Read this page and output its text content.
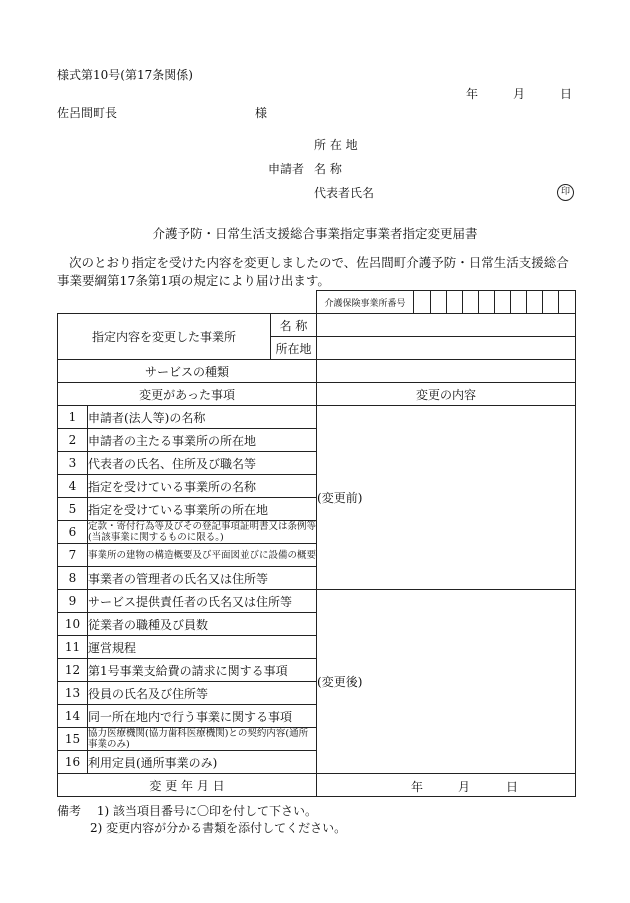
様式第10号(第17条関係)
年	月	日
佐呂間町長	様
所 在 地
申請者 名 称
代表者氏名	印
介護予防・日常生活支援総合事業指定事業者指定変更届書
次のとおり指定を受けた内容を変更しましたので、佐呂間町介護予防・日常生活支援総合事業要綱第17条第1項の規定により届け出ます。
			介護保険事業所番号										
指定内容を変更した事業所		名 称											
		所在地											
サービスの種類													
変更があった事項			変更の内容										
1	申請者(法人等)の名称		(変更前)										
2	申請者の主たる事業所の所在地												
3	代表者の氏名、住所及び職名等												
4	指定を受けている事業所の名称												
5	指定を受けている事業所の所在地												
6	定款・寄付行為等及びその登記事項証明書又は条例等(当該事業に関するものに限る。)												
7	事業所の建物の構造概要及び平面図並びに設備の概要												
8	事業者の管理者の氏名又は住所等												
9	サービス提供責任者の氏名又は住所等		(変更後)										
10	従業者の職種及び員数												
11	運営規程												
12	第1号事業支給費の請求に関する事項												
13	役員の氏名及び住所等												
14	同一所在地内で行う事業に関する事項												
15	協力医療機関(協力歯科医療機関)との契約内容(通所事業のみ)												
16	利用定員(通所事業のみ)												
変 更 年 月 日			年 月 日										
備考 1) 該当項目番号に〇印を付して下さい。
2) 変更内容が分かる書類を添付してください。
